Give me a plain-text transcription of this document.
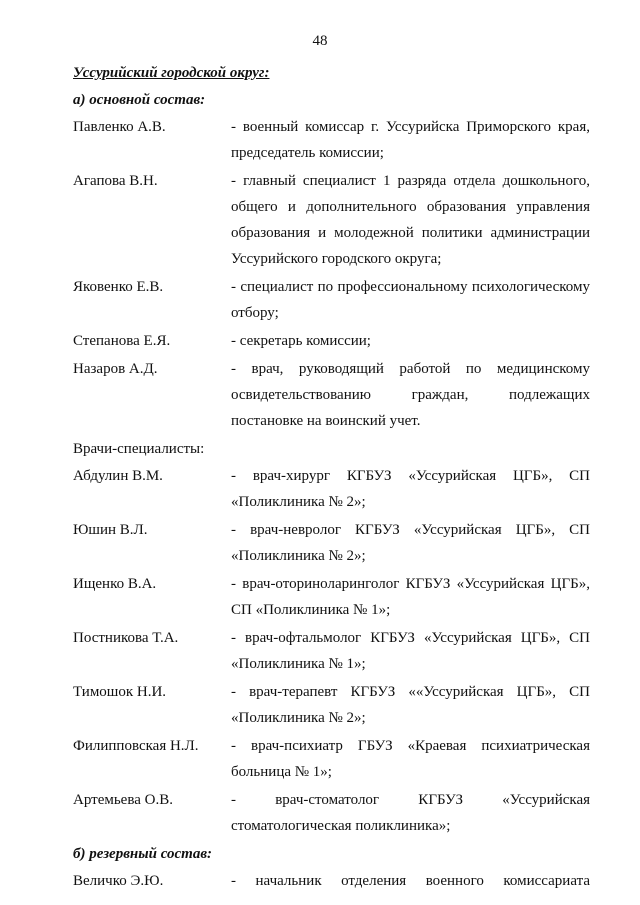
48
Уссурийский городской округ:
а) основной состав:
Павленко А.В.	- военный комиссар г. Уссурийска Приморского края, председатель комиссии;
Агапова В.Н.	- главный специалист 1 разряда отдела дошкольного, общего и дополнительного образования управления образования и молодежной политики администрации Уссурийского городского округа;
Яковенко Е.В.	- специалист по профессиональному психологическому отбору;
Степанова Е.Я.	- секретарь комиссии;
Назаров А.Д.	- врач, руководящий работой по медицинскому освидетельствованию граждан, подлежащих постановке на воинский учет.
Врачи-специалисты:
Абдулин В.М.	- врач-хирург КГБУЗ «Уссурийская ЦГБ», СП «Поликлиника № 2»;
Юшин В.Л.	- врач-невролог КГБУЗ «Уссурийская ЦГБ», СП «Поликлиника № 2»;
Ищенко В.А.	- врач-оториноларинголог КГБУЗ «Уссурийская ЦГБ», СП «Поликлиника № 1»;
Постникова Т.А.	- врач-офтальмолог КГБУЗ «Уссурийская ЦГБ», СП «Поликлиника № 1»;
Тимошок Н.И.	- врач-терапевт КГБУЗ ««Уссурийская ЦГБ», СП «Поликлиника № 2»;
Филипповская Н.Л.	- врач-психиатр ГБУЗ «Краевая психиатрическая больница № 1»;
Артемьева О.В.	- врач-стоматолог КГБУЗ «Уссурийская стоматологическая поликлиника»;
б) резервный состав:
Величко Э.Ю.	- начальник отделения военного комиссариата
